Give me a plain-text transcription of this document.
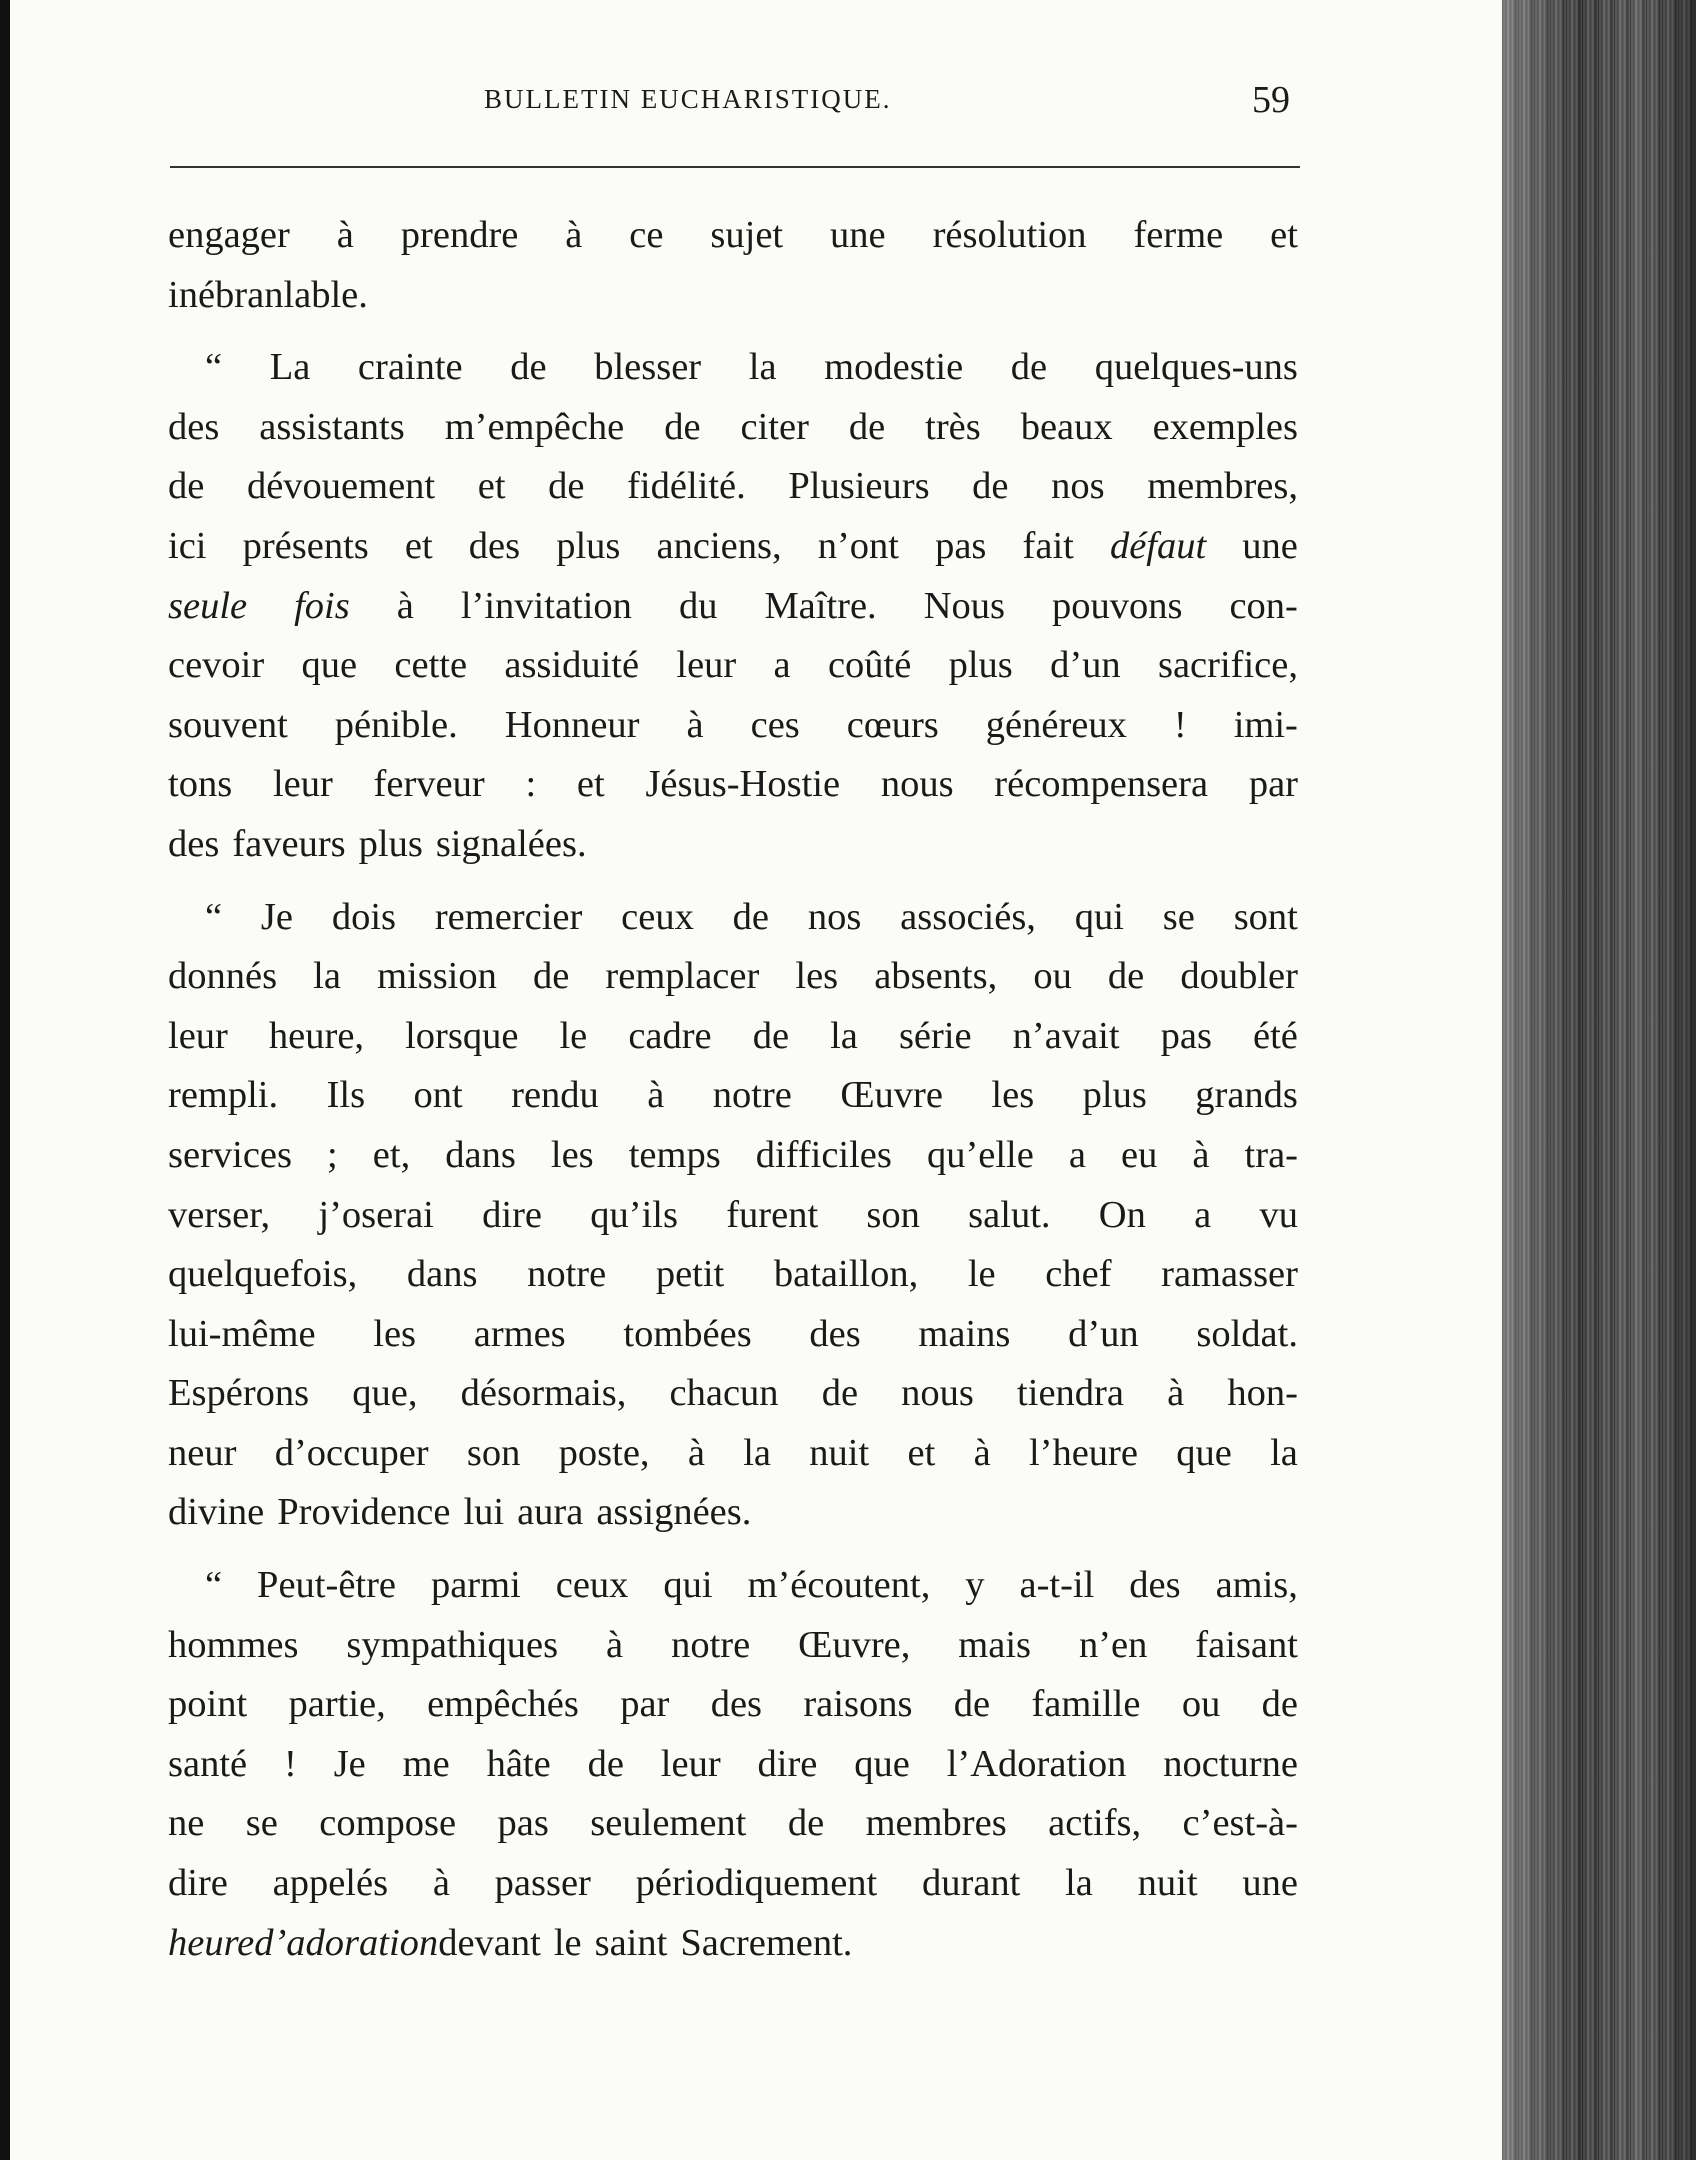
BULLETIN EUCHARISTIQUE.	59
engager à prendre à ce sujet une résolution ferme et
inébranlable.
“ La crainte de blesser la modestie de quelques-uns
des assistants m’empêche de citer de très beaux exemples
de dévouement et de fidélité. Plusieurs de nos membres,
ici présents et des plus anciens, n’ont pas fait défaut une
seule fois à l’invitation du Maître. Nous pouvons con-
cevoir que cette assiduité leur a coûté plus d’un sacrifice,
souvent pénible. Honneur à ces cœurs généreux ! imi-
tons leur ferveur : et Jésus-Hostie nous récompensera par
des faveurs plus signalées.
“ Je dois remercier ceux de nos associés, qui se sont
donnés la mission de remplacer les absents, ou de doubler
leur heure, lorsque le cadre de la série n’avait pas été
rempli. Ils ont rendu à notre Œuvre les plus grands
services ; et, dans les temps difficiles qu’elle a eu à tra-
verser, j’oserai dire qu’ils furent son salut. On a vu
quelquefois, dans notre petit bataillon, le chef ramasser
lui-même les armes tombées des mains d’un soldat.
Espérons que, désormais, chacun de nous tiendra à hon-
neur d’occuper son poste, à la nuit et à l’heure que la
divine Providence lui aura assignées.
“ Peut-être parmi ceux qui m’écoutent, y a-t-il des amis,
hommes sympathiques à notre Œuvre, mais n’en faisant
point partie, empêchés par des raisons de famille ou de
santé ! Je me hâte de leur dire que l’Adoration nocturne
ne se compose pas seulement de membres actifs, c’est-à-
dire appelés à passer périodiquement durant la nuit une
heure d’adoration devant le saint Sacrement.
